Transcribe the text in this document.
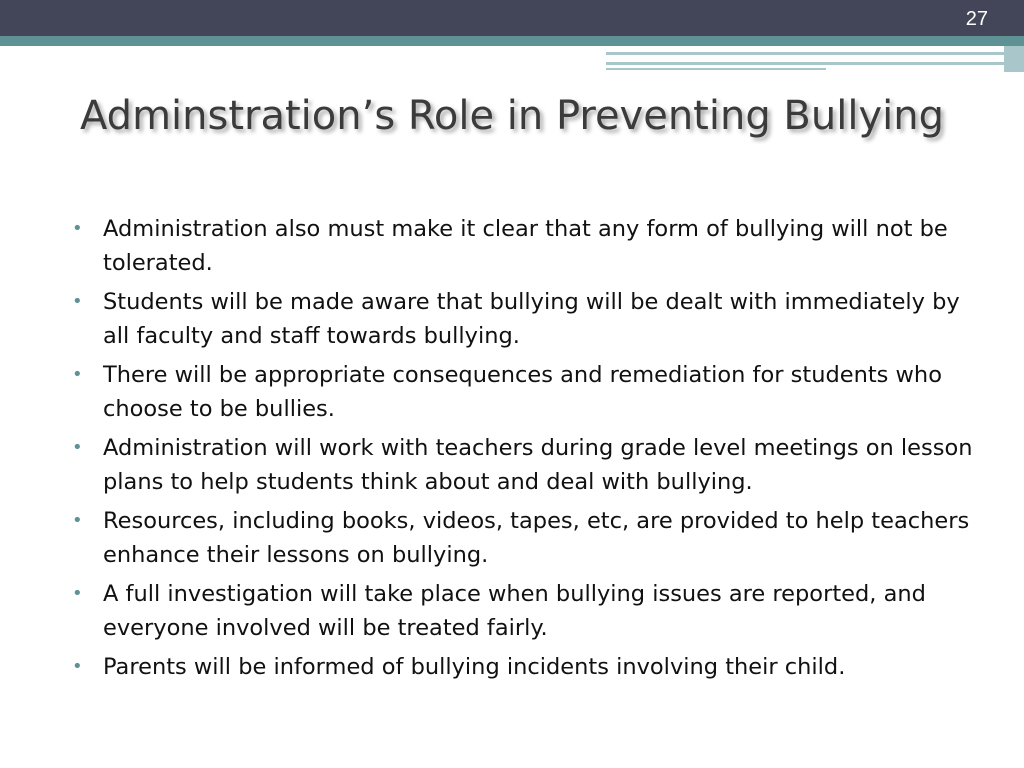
27
Adminstration’s Role in Preventing Bullying
• Administration also must make it clear that any form of bullying will not be tolerated.
• Students will be made aware that bullying will be dealt with immediately by all faculty and staff towards bullying.
• There will be appropriate consequences and remediation for students who choose to be bullies.
• Administration will work with teachers during grade level meetings on lesson plans to help students think about and deal with bullying.
• Resources, including books, videos, tapes, etc, are provided to help teachers enhance their lessons on bullying.
• A full investigation will take place when bullying issues are reported, and everyone involved will be treated fairly.
• Parents will be informed of bullying incidents involving their child.
